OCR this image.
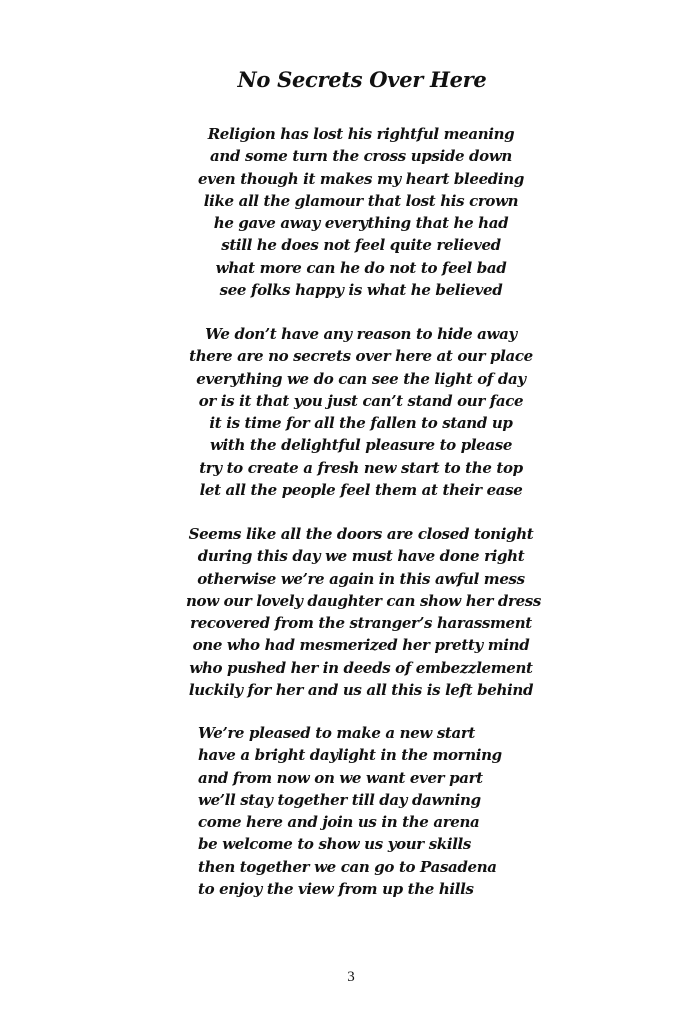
No Secrets Over Here
Religion has lost his rightful meaning
and some turn the cross upside down
even though it makes my heart bleeding
like all the glamour that lost his crown
he gave away everything that he had
still he does not feel quite relieved
what more can he do not to feel bad
see folks happy is what he believed
We don’t have any reason to hide away
there are no secrets over here at our place
everything we do can see the light of day
or is it that you just can’t stand our face
it is time for all the fallen to stand up
with the delightful pleasure to please
try to create a fresh new start to the top
let all the people feel them at their ease
Seems like all the doors are closed tonight
during this day we must have done right
otherwise we’re again in this awful mess
now our lovely daughter can show her dress
recovered from the stranger’s harassment
one who had mesmerized her pretty mind
who pushed her in deeds of embezzlement
luckily for her and us all this is left behind
We’re pleased to make a new start
have a bright daylight in the morning
and from now on we want ever part
we’ll stay together till day dawning
come here and join us in the arena
be welcome to show us your skills
then together we can go to Pasadena
to enjoy the view from up the hills

3
